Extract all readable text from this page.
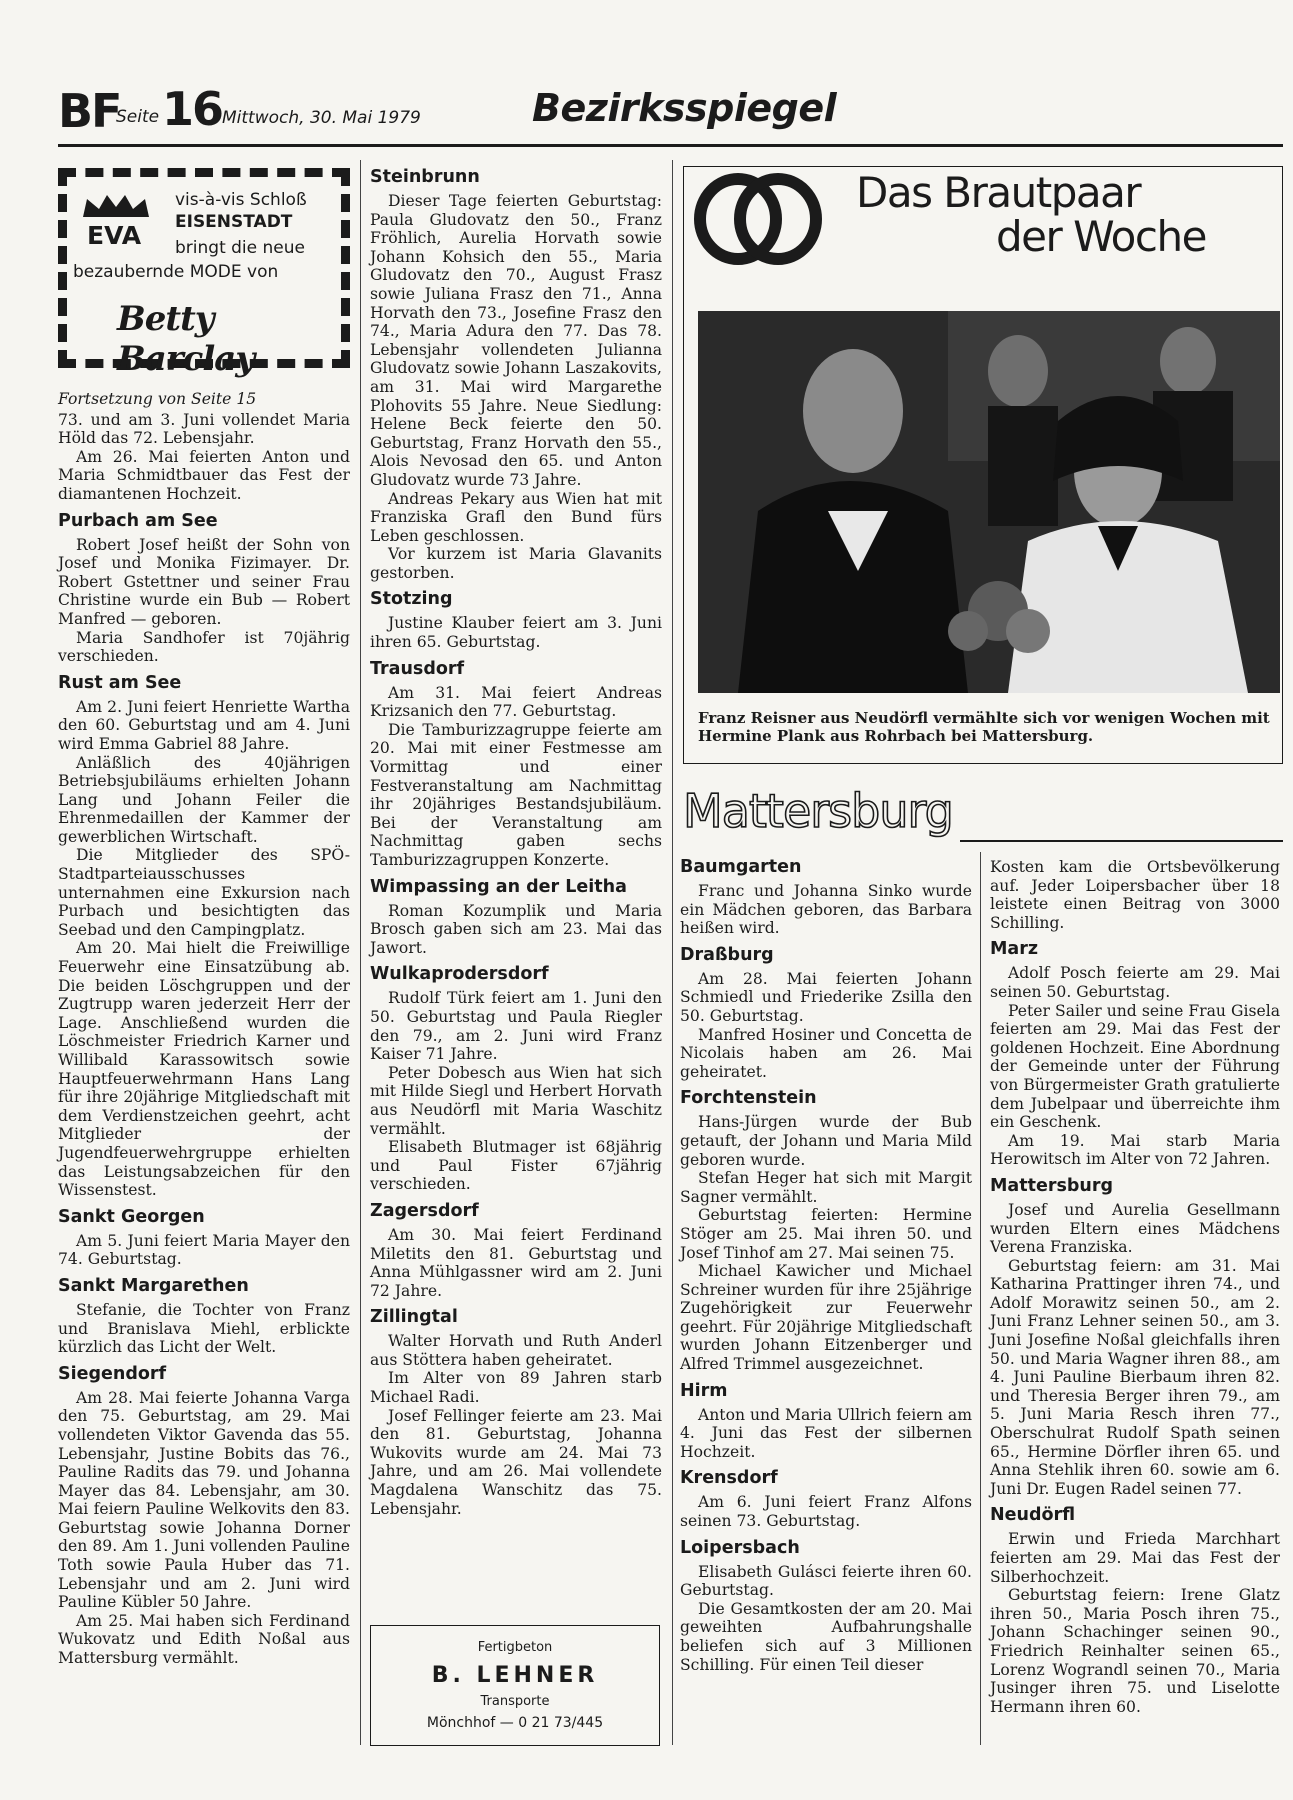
BF
Seite 16 Mittwoch, 30. Mai 1979	Bezirksspiegel
EVA
vis-à-vis Schloß
EISENSTADT
bringt die neue
bezaubernde MODE von
Betty Barclay

Fortsetzung von Seite 15

73. und am 3. Juni vollendet Maria Höld das 72. Lebensjahr.

Am 26. Mai feierten Anton und Maria Schmidtbauer das Fest der diamantenen Hochzeit.

Purbach am See

Robert Josef heißt der Sohn von Josef und Monika Fizimayer. Dr. Robert Gstettner und seiner Frau Christine wurde ein Bub — Robert Manfred — geboren.

Maria Sandhofer ist 70jährig verschieden.

Rust am See

Am 2. Juni feiert Henriette Wartha den 60. Geburtstag und am 4. Juni wird Emma Gabriel 88 Jahre.

Anläßlich des 40jährigen Betriebsjubiläums erhielten Johann Lang und Johann Feiler die Ehrenmedaillen der Kammer der gewerblichen Wirtschaft.

Die Mitglieder des SPÖ-Stadtparteiausschusses unternahmen eine Exkursion nach Purbach und besichtigten das Seebad und den Campingplatz.

Am 20. Mai hielt die Freiwillige Feuerwehr eine Einsatzübung ab. Die beiden Löschgruppen und der Zugtrupp waren jederzeit Herr der Lage. Anschließend wurden die Löschmeister Friedrich Karner und Willibald Karassowitsch sowie Hauptfeuerwehrmann Hans Lang für ihre 20jährige Mitgliedschaft mit dem Verdienstzeichen geehrt, acht Mitglieder der Jugendfeuerwehrgruppe erhielten das Leistungsabzeichen für den Wissenstest.

Sankt Georgen

Am 5. Juni feiert Maria Mayer den 74. Geburtstag.

Sankt Margarethen

Stefanie, die Tochter von Franz und Branislava Miehl, erblickte kürzlich das Licht der Welt.

Siegendorf

Am 28. Mai feierte Johanna Varga den 75. Geburtstag, am 29. Mai vollendeten Viktor Gavenda das 55. Lebensjahr, Justine Bobits das 76., Pauline Radits das 79. und Johanna Mayer das 84. Lebensjahr, am 30. Mai feiern Pauline Welkovits den 83. Geburtstag sowie Johanna Dorner den 89. Am 1. Juni vollenden Pauline Toth sowie Paula Huber das 71. Lebensjahr und am 2. Juni wird Pauline Kübler 50 Jahre.

Am 25. Mai haben sich Ferdinand Wukovatz und Edith Noßal aus Mattersburg vermählt.

Steinbrunn

Dieser Tage feierten Geburtstag: Paula Gludovatz den 50., Franz Fröhlich, Aurelia Horvath sowie Johann Kohsich den 55., Maria Gludovatz den 70., August Frasz sowie Juliana Frasz den 71., Anna Horvath den 73., Josefine Frasz den 74., Maria Adura den 77. Das 78. Lebensjahr vollendeten Julianna Gludovatz sowie Johann Laszakovits, am 31. Mai wird Margarethe Plohovits 55 Jahre. Neue Siedlung: Helene Beck feierte den 50. Geburtstag, Franz Horvath den 55., Alois Nevosad den 65. und Anton Gludovatz wurde 73 Jahre.

Andreas Pekary aus Wien hat mit Franziska Grafl den Bund fürs Leben geschlossen.

Vor kurzem ist Maria Glavanits gestorben.

Stotzing

Justine Klauber feiert am 3. Juni ihren 65. Geburtstag.

Trausdorf

Am 31. Mai feiert Andreas Krizsanich den 77. Geburtstag.

Die Tamburizzagruppe feierte am 20. Mai mit einer Festmesse am Vormittag und einer Festveranstaltung am Nachmittag ihr 20jähriges Bestandsjubiläum. Bei der Veranstaltung am Nachmittag gaben sechs Tamburizzagruppen Konzerte.

Wimpassing an der Leitha

Roman Kozumplik und Maria Brosch gaben sich am 23. Mai das Jawort.

Wulkaprodersdorf

Rudolf Türk feiert am 1. Juni den 50. Geburtstag und Paula Riegler den 79., am 2. Juni wird Franz Kaiser 71 Jahre.

Peter Dobesch aus Wien hat sich mit Hilde Siegl und Herbert Horvath aus Neudörfl mit Maria Waschitz vermählt.

Elisabeth Blutmager ist 68jährig und Paul Fister 67jährig verschieden.

Zagersdorf

Am 30. Mai feiert Ferdinand Miletits den 81. Geburtstag und Anna Mühlgassner wird am 2. Juni 72 Jahre.

Zillingtal

Walter Horvath und Ruth Anderl aus Stöttera haben geheiratet.

Im Alter von 89 Jahren starb Michael Radi.

Josef Fellinger feierte am 23. Mai den 81. Geburtstag, Johanna Wukovits wurde am 24. Mai 73 Jahre, und am 26. Mai vollendete Magdalena Wanschitz das 75. Lebensjahr.

Fertigbeton
B. LEHNER
Transporte
Mönchhof — 0 21 73/445
Das Brautpaar
der Woche
Franz Reisner aus Neudörfl vermählte sich vor wenigen Wochen mit Hermine Plank aus Rohrbach bei Mattersburg.
Mattersburg
Baumgarten

Franc und Johanna Sinko wurde ein Mädchen geboren, das Barbara heißen wird.

Draßburg

Am 28. Mai feierten Johann Schmiedl und Friederike Zsilla den 50. Geburtstag.

Manfred Hosiner und Concetta de Nicolais haben am 26. Mai geheiratet.

Forchtenstein

Hans-Jürgen wurde der Bub getauft, der Johann und Maria Mild geboren wurde.

Stefan Heger hat sich mit Margit Sagner vermählt.

Geburtstag feierten: Hermine Stöger am 25. Mai ihren 50. und Josef Tinhof am 27. Mai seinen 75.

Michael Kawicher und Michael Schreiner wurden für ihre 25jährige Zugehörigkeit zur Feuerwehr geehrt. Für 20jährige Mitgliedschaft wurden Johann Eitzenberger und Alfred Trimmel ausgezeichnet.

Hirm

Anton und Maria Ullrich feiern am 4. Juni das Fest der silbernen Hochzeit.

Krensdorf

Am 6. Juni feiert Franz Alfons seinen 73. Geburtstag.

Loipersbach

Elisabeth Gulásci feierte ihren 60. Geburtstag.

Die Gesamtkosten der am 20. Mai geweihten Aufbahrungshalle beliefen sich auf 3 Millionen Schilling. Für einen Teil dieser

Kosten kam die Ortsbevölkerung auf. Jeder Loipersbacher über 18 leistete einen Beitrag von 3000 Schilling.

Marz

Adolf Posch feierte am 29. Mai seinen 50. Geburtstag.

Peter Sailer und seine Frau Gisela feierten am 29. Mai das Fest der goldenen Hochzeit. Eine Abordnung der Gemeinde unter der Führung von Bürgermeister Grath gratulierte dem Jubelpaar und überreichte ihm ein Geschenk.

Am 19. Mai starb Maria Herowitsch im Alter von 72 Jahren.

Mattersburg

Josef und Aurelia Gesellmann wurden Eltern eines Mädchens Verena Franziska.

Geburtstag feiern: am 31. Mai Katharina Prattinger ihren 74., und Adolf Morawitz seinen 50., am 2. Juni Franz Lehner seinen 50., am 3. Juni Josefine Noßal gleichfalls ihren 50. und Maria Wagner ihren 88., am 4. Juni Pauline Bierbaum ihren 82. und Theresia Berger ihren 79., am 5. Juni Maria Resch ihren 77., Oberschulrat Rudolf Spath seinen 65., Hermine Dörfler ihren 65. und Anna Stehlik ihren 60. sowie am 6. Juni Dr. Eugen Radel seinen 77.

Neudörfl

Erwin und Frieda Marchhart feierten am 29. Mai das Fest der Silberhochzeit.

Geburtstag feiern: Irene Glatz ihren 50., Maria Posch ihren 75., Johann Schachinger seinen 90., Friedrich Reinhalter seinen 65., Lorenz Wograndl seinen 70., Maria Jusinger ihren 75. und Liselotte Hermann ihren 60.
